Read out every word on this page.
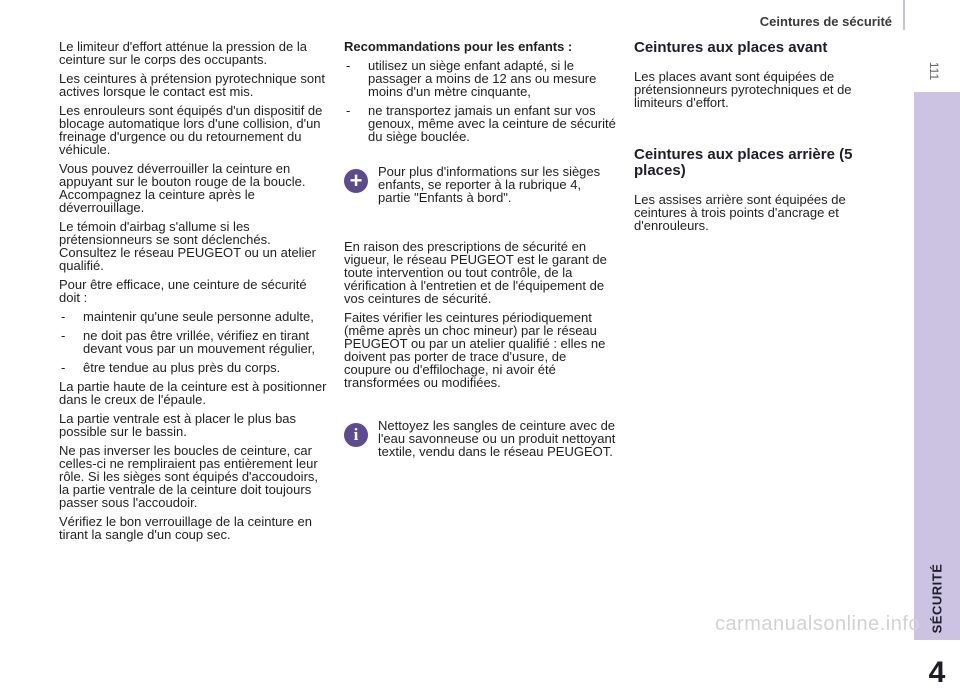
Ceintures de sécurité
111
SÉCURITÉ
4

Le limiteur d'effort atténue la pression de la ceinture sur le corps des occupants.

Les ceintures à prétension pyrotechnique sont actives lorsque le contact est mis.

Les enrouleurs sont équipés d'un dispositif de blocage automatique lors d'une collision, d'un freinage d'urgence ou du retournement du véhicule.

Vous pouvez déverrouiller la ceinture en appuyant sur le bouton rouge de la boucle. Accompagnez la ceinture après le déverrouillage.

Le témoin d'airbag s'allume si les prétensionneurs se sont déclenchés. Consultez le réseau PEUGEOT ou un atelier qualifié.

Pour être efficace, une ceinture de sécurité doit :

- maintenir qu'une seule personne adulte,
- ne doit pas être vrillée, vérifiez en tirant devant vous par un mouvement régulier,
- être tendue au plus près du corps.

La partie haute de la ceinture est à positionner dans le creux de l'épaule.

La partie ventrale est à placer le plus bas possible sur le bassin.

Ne pas inverser les boucles de ceinture, car celles-ci ne rempliraient pas entièrement leur rôle. Si les sièges sont équipés d'accoudoirs, la partie ventrale de la ceinture doit toujours passer sous l'accoudoir.

Vérifiez le bon verrouillage de la ceinture en tirant la sangle d'un coup sec.

Recommandations pour les enfants :

- utilisez un siège enfant adapté, si le passager a moins de 12 ans ou mesure moins d'un mètre cinquante,
- ne transportez jamais un enfant sur vos genoux, même avec la ceinture de sécurité du siège bouclée.
+	Pour plus d'informations sur les sièges enfants, se reporter à la rubrique 4, partie "Enfants à bord".

En raison des prescriptions de sécurité en vigueur, le réseau PEUGEOT est le garant de toute intervention ou tout contrôle, de la vérification à l'entretien et de l'équipement de vos ceintures de sécurité.

Faites vérifier les ceintures périodiquement (même après un choc mineur) par le réseau PEUGEOT ou par un atelier qualifié : elles ne doivent pas porter de trace d'usure, de coupure ou d'effilochage, ni avoir été transformées ou modifiées.

i	Nettoyez les sangles de ceinture avec de l'eau savonneuse ou un produit nettoyant textile, vendu dans le réseau PEUGEOT.
Ceintures aux places avant

Les places avant sont équipées de prétensionneurs pyrotechniques et de limiteurs d'effort.

Ceintures aux places arrière (5 places)

Les assises arrière sont équipées de ceintures à trois points d'ancrage et d'enrouleurs.

carmanualsonline.info
